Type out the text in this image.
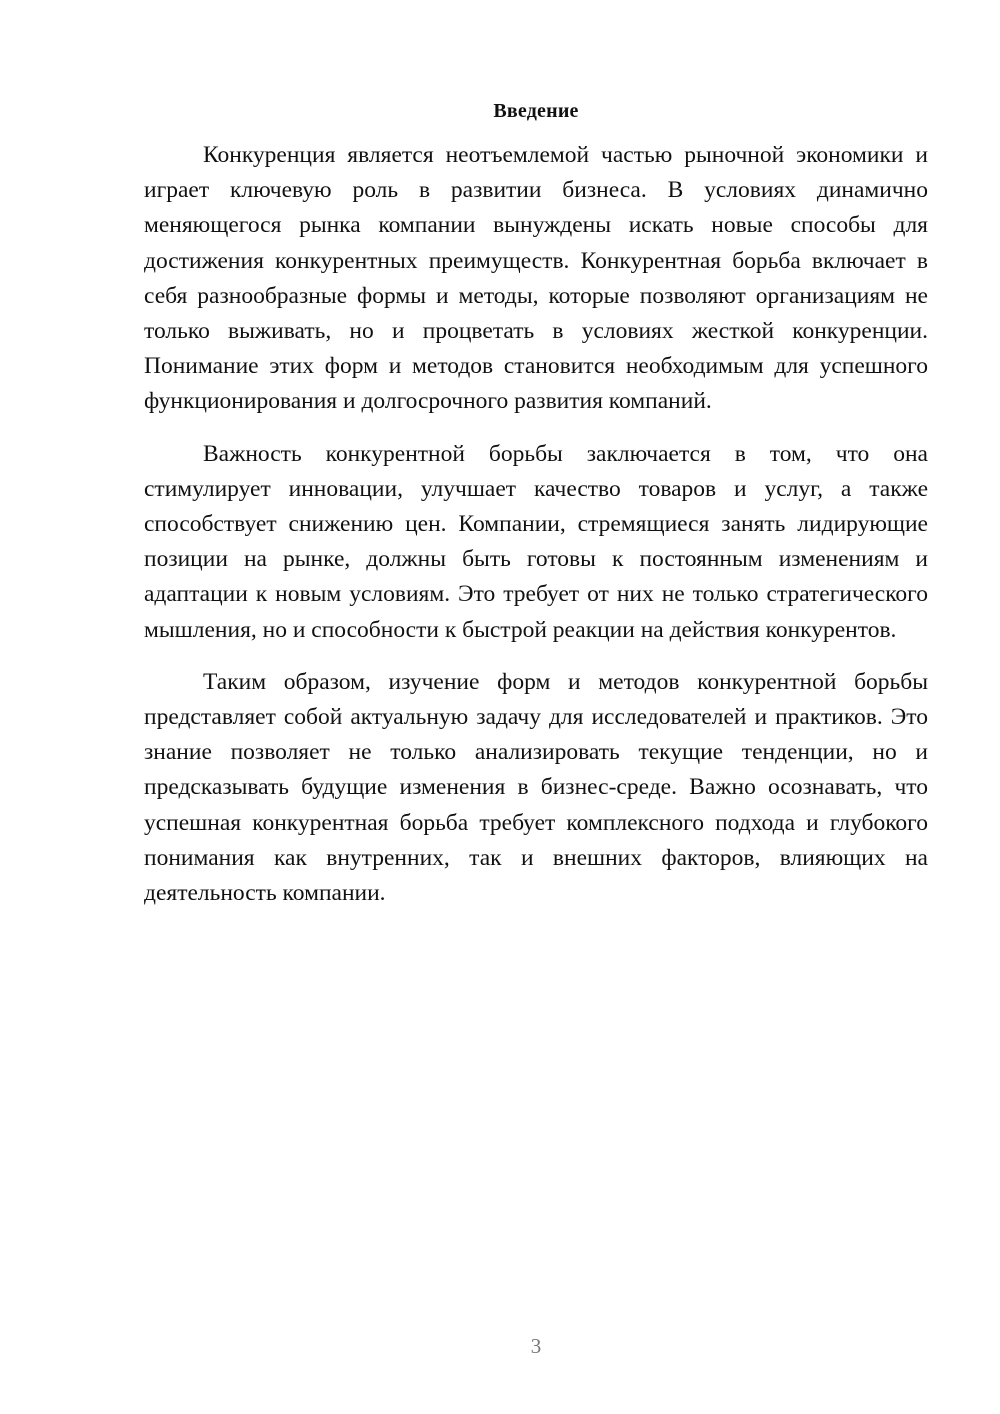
Введение

Конкуренция является неотъемлемой частью рыночной экономики и играет ключевую роль в развитии бизнеса. В условиях динамично меняющегося рынка компании вынуждены искать новые способы для достижения конкурентных преимуществ. Конкурентная борьба включает в себя разнообразные формы и методы, которые позволяют организациям не только выживать, но и процветать в условиях жесткой конкуренции. Понимание этих форм и методов становится необходимым для успешного функционирования и долгосрочного развития компаний.

Важность конкурентной борьбы заключается в том, что она стимулирует инновации, улучшает качество товаров и услуг, а также способствует снижению цен. Компании, стремящиеся занять лидирующие позиции на рынке, должны быть готовы к постоянным изменениям и адаптации к новым условиям. Это требует от них не только стратегического мышления, но и способности к быстрой реакции на действия конкурентов.

Таким образом, изучение форм и методов конкурентной борьбы представляет собой актуальную задачу для исследователей и практиков. Это знание позволяет не только анализировать текущие тенденции, но и предсказывать будущие изменения в бизнес-среде. Важно осознавать, что успешная конкурентная борьба требует комплексного подхода и глубокого понимания как внутренних, так и внешних факторов, влияющих на деятельность компании.

3
